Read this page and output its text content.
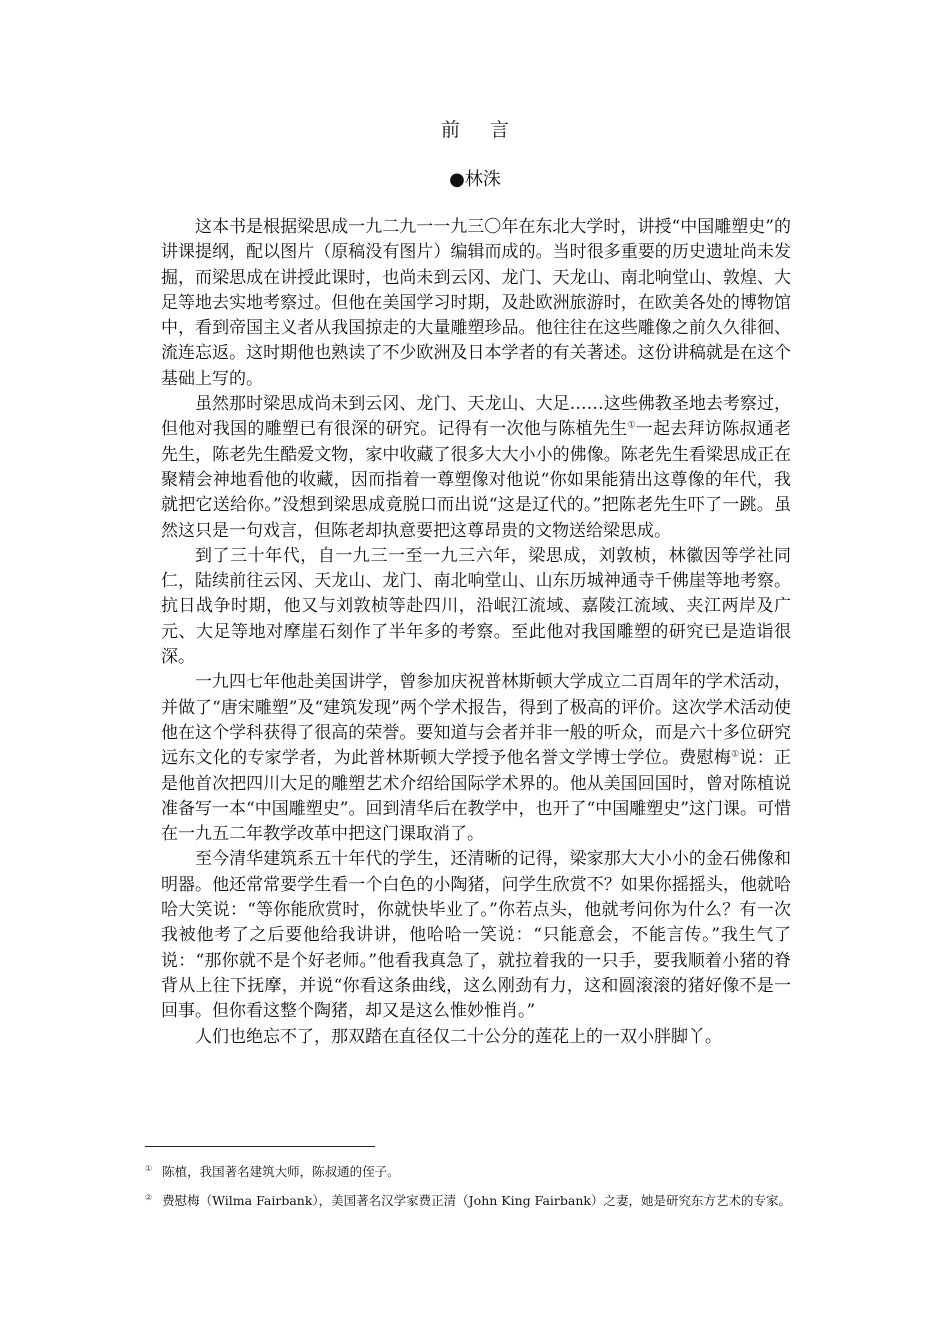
前言
●林洙

这本书是根据梁思成一九二九一一九三〇年在东北大学时，讲授“中国雕塑史”的讲课提纲，配以图片（原稿没有图片）编辑而成的。当时很多重要的历史遗址尚未发掘，而梁思成在讲授此课时，也尚未到云冈、龙门、天龙山、南北响堂山、敦煌、大足等地去实地考察过。但他在美国学习时期，及赴欧洲旅游时，在欧美各处的博物馆中，看到帝国主义者从我国掠走的大量雕塑珍品。他往往在这些雕像之前久久徘徊、流连忘返。这时期他也熟读了不少欧洲及日本学者的有关著述。这份讲稿就是在这个基础上写的。

虽然那时梁思成尚未到云冈、龙门、天龙山、大足……这些佛教圣地去考察过，但他对我国的雕塑已有很深的研究。记得有一次他与陈植先生①一起去拜访陈叔通老先生，陈老先生酷爱文物，家中收藏了很多大大小小的佛像。陈老先生看梁思成正在聚精会神地看他的收藏，因而指着一尊塑像对他说“你如果能猜出这尊像的年代，我就把它送给你。”没想到梁思成竟脱口而出说“这是辽代的。”把陈老先生吓了一跳。虽然这只是一句戏言，但陈老却执意要把这尊昂贵的文物送给梁思成。

到了三十年代，自一九三一至一九三六年，梁思成，刘敦桢，林徽因等学社同仁，陆续前往云冈、天龙山、龙门、南北响堂山、山东历城神通寺千佛崖等地考察。抗日战争时期，他又与刘敦桢等赴四川，沿岷江流域、嘉陵江流域、夹江两岸及广元、大足等地对摩崖石刻作了半年多的考察。至此他对我国雕塑的研究已是造诣很深。

一九四七年他赴美国讲学，曾参加庆祝普林斯顿大学成立二百周年的学术活动，并做了“唐宋雕塑”及“建筑发现”两个学术报告，得到了极高的评价。这次学术活动使他在这个学科获得了很高的荣誉。要知道与会者并非一般的听众，而是六十多位研究远东文化的专家学者，为此普林斯顿大学授予他名誉文学博士学位。费慰梅①说：正是他首次把四川大足的雕塑艺术介绍给国际学术界的。他从美国回国时，曾对陈植说准备写一本“中国雕塑史”。回到清华后在教学中，也开了“中国雕塑史”这门课。可惜在一九五二年教学改革中把这门课取消了。

至今清华建筑系五十年代的学生，还清晰的记得，梁家那大大小小的金石佛像和明器。他还常常要学生看一个白色的小陶猪，问学生欣赏不？如果你摇摇头，他就哈哈大笑说：“等你能欣赏时，你就快毕业了。”你若点头，他就考问你为什么？有一次我被他考了之后要他给我讲讲，他哈哈一笑说：“只能意会，不能言传。”我生气了说：“那你就不是个好老师。”他看我真急了，就拉着我的一只手，要我顺着小猪的脊背从上往下抚摩，并说“你看这条曲线，这么刚劲有力，这和圆滚滚的猪好像不是一回事。但你看这整个陶猪，却又是这么惟妙惟肖。”

人们也绝忘不了，那双踏在直径仅二十公分的莲花上的一双小胖脚丫。

① 陈植，我国著名建筑大师，陈叔通的侄子。
② 费慰梅（Wilma Fairbank），美国著名汉学家费正清（John King Fairbank）之妻，她是研究东方艺术的专家。
